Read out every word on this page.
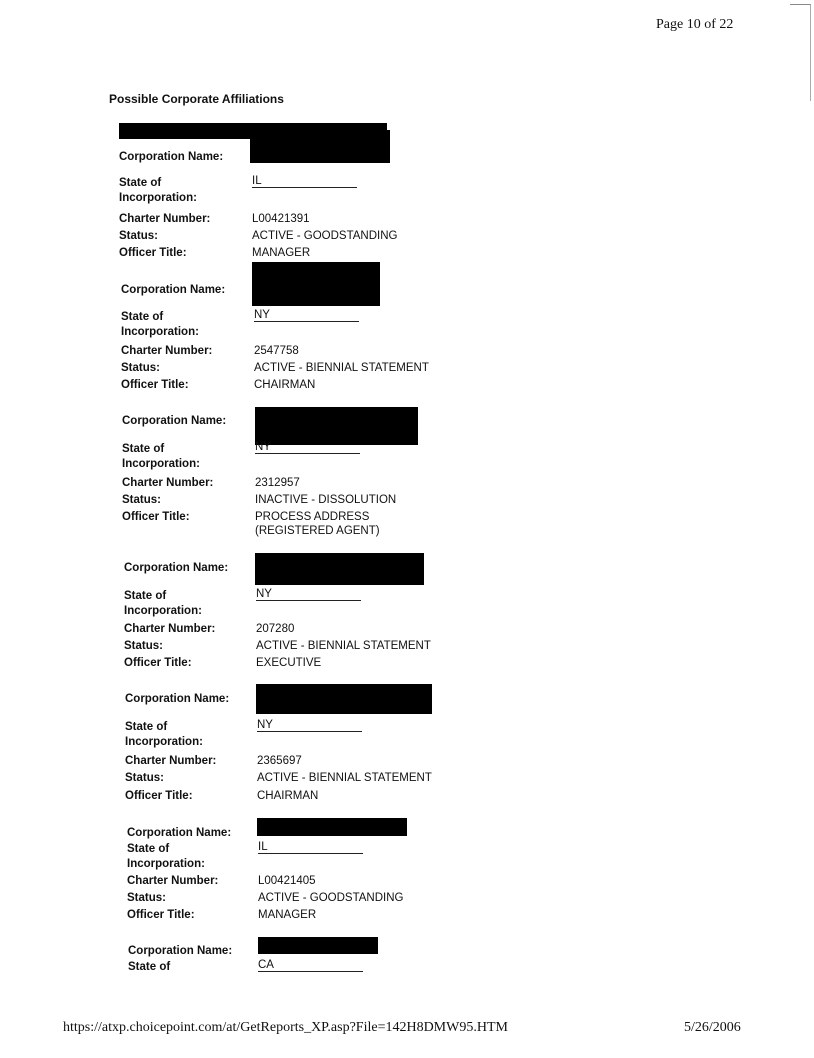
Page 10 of 22
Possible Corporate Affiliations
Corporation Name:
State of	IL
Incorporation:
Charter Number:	L00421391
Status:	ACTIVE - GOODSTANDING
Officer Title:	MANAGER
Corporation Name:
State of	NY
Incorporation:
Charter Number:	2547758
Status:	ACTIVE - BIENNIAL STATEMENT
Officer Title:	CHAIRMAN
Corporation Name:
State of	NY
Incorporation:
Charter Number:	2312957
Status:	INACTIVE - DISSOLUTION
Officer Title:	PROCESS ADDRESS
(REGISTERED AGENT)
Corporation Name:
State of	NY
Incorporation:
Charter Number:	207280
Status:	ACTIVE - BIENNIAL STATEMENT
Officer Title:	EXECUTIVE
Corporation Name:
State of	NY
Incorporation:
Charter Number:	2365697
Status:	ACTIVE - BIENNIAL STATEMENT
Officer Title:	CHAIRMAN
Corporation Name:
State of	IL
Incorporation:
Charter Number:	L00421405
Status:	ACTIVE - GOODSTANDING
Officer Title:	MANAGER
Corporation Name:
State of	CA
https://atxp.choicepoint.com/at/GetReports_XP.asp?File=142H8DMW95.HTM	5/26/2006
